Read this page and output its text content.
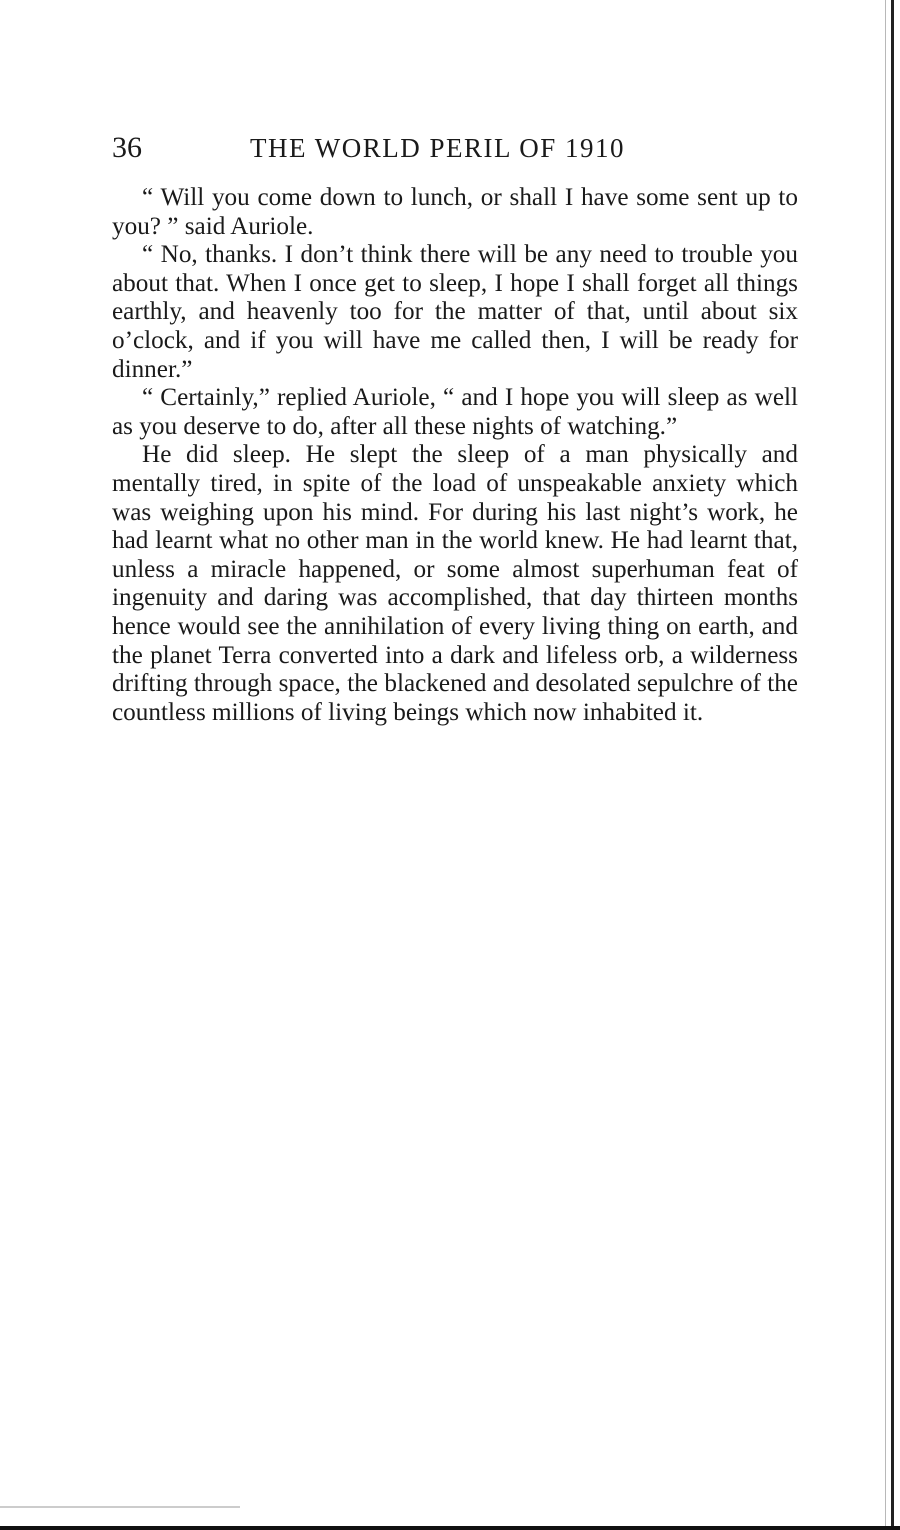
36	THE WORLD PERIL OF 1910

“ Will you come down to lunch, or shall I have some sent up to you? ” said Auriole.

“ No, thanks. I don’t think there will be any need to trouble you about that. When I once get to sleep, I hope I shall forget all things earthly, and heavenly too for the matter of that, until about six o’clock, and if you will have me called then, I will be ready for dinner.”

“ Certainly,” replied Auriole, “ and I hope you will sleep as well as you deserve to do, after all these nights of watching.”

He did sleep. He slept the sleep of a man physically and mentally tired, in spite of the load of unspeakable anxiety which was weighing upon his mind. For during his last night’s work, he had learnt what no other man in the world knew. He had learnt that, unless a miracle happened, or some almost superhuman feat of ingenuity and daring was accomplished, that day thirteen months hence would see the annihilation of every living thing on earth, and the planet Terra converted into a dark and lifeless orb, a wilderness drifting through space, the blackened and desolated sepulchre of the countless millions of living beings which now inhabited it.
